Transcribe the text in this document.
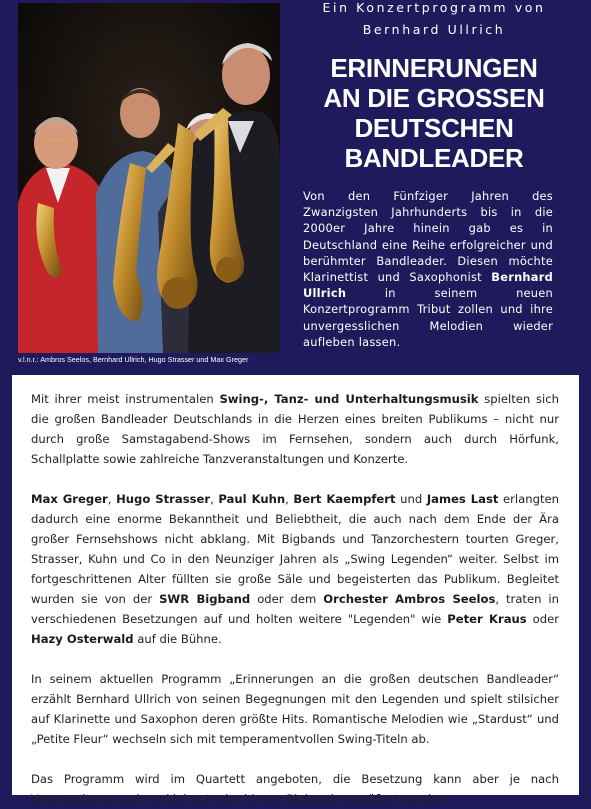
v.l.n.r.: Ambros Seelos, Bernhard Ullrich, Hugo Strasser und Max Greger
Ein Konzertprogramm von
Bernhard Ullrich
ERINNERUNGEN
AN DIE GROSSEN
DEUTSCHEN
BANDLEADER
Von den Fünfziger Jahren des Zwanzigsten Jahrhunderts bis in die 2000er Jahre hinein gab es in Deutschland eine Reihe erfolgreicher und berühmter Bandleader. Diesen möchte Klarinettist und Saxophonist Bernhard Ullrich in seinem neuen Konzertprogramm Tribut zollen und ihre unvergesslichen Melodien wieder aufleben lassen.

Mit ihrer meist instrumentalen Swing-, Tanz- und Unterhaltungsmusik spielten sich die großen Bandleader Deutschlands in die Herzen eines breiten Publikums – nicht nur durch große Samstagabend-Shows im Fernsehen, sondern auch durch Hörfunk, Schallplatte sowie zahlreiche Tanzveranstaltungen und Konzerte.

Max Greger, Hugo Strasser, Paul Kuhn, Bert Kaempfert und James Last erlangten dadurch eine enorme Bekanntheit und Beliebtheit, die auch nach dem Ende der Ära großer Fernsehshows nicht abklang. Mit Bigbands und Tanzorchestern tourten Greger, Strasser, Kuhn und Co in den Neunziger Jahren als „Swing Legenden“ weiter. Selbst im fortgeschrittenen Alter füllten sie große Säle und begeisterten das Publikum. Begleitet wurden sie von der SWR Bigband oder dem Orchester Ambros Seelos, traten in verschiedenen Besetzungen auf und holten weitere "Legenden" wie Peter Kraus oder Hazy Osterwald auf die Bühne.

In seinem aktuellen Programm „Erinnerungen an die großen deutschen Bandleader“ erzählt Bernhard Ullrich von seinen Begegnungen mit den Legenden und spielt stilsicher auf Klarinette und Saxophon deren größte Hits. Romantische Melodien wie „Stardust“ und „Petite Fleur“ wechseln sich mit temperamentvollen Swing-Titeln ab.

Das Programm wird im Quartett angeboten, die Besetzung kann aber je nach Veranstaltung auch verkleinert oder bis zur Bigband vergrößert werden.
